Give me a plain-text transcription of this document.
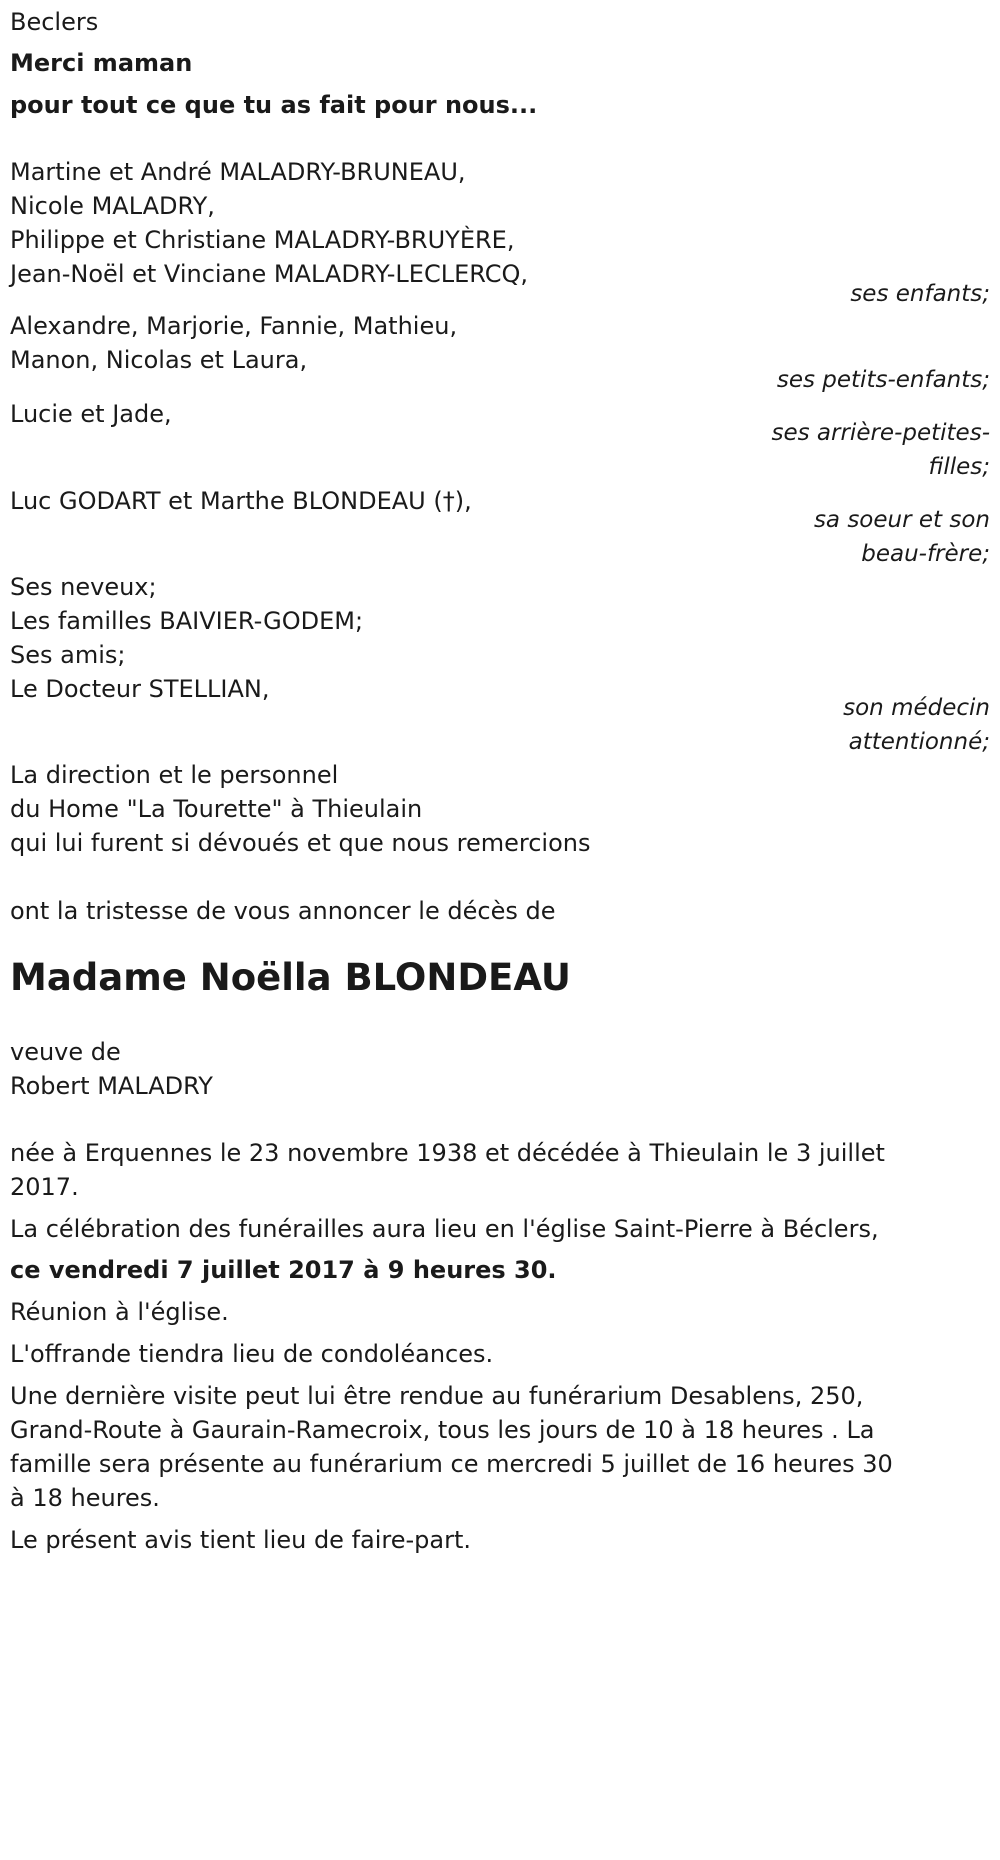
Beclers

Merci maman

pour tout ce que tu as fait pour nous...

Martine et André MALADRY-BRUNEAU,

Nicole MALADRY,

Philippe et Christiane MALADRY-BRUYÈRE,

Jean-Noël et Vinciane MALADRY-LECLERCQ,

ses enfants;

Alexandre, Marjorie, Fannie, Mathieu,

Manon, Nicolas et Laura,

ses petits-enfants;

Lucie et Jade,

ses arrière-petites-

filles;

Luc GODART et Marthe BLONDEAU (†),

sa soeur et son

beau-frère;

Ses neveux;

Les familles BAIVIER-GODEM;

Ses amis;

Le Docteur STELLIAN,

son médecin

attentionné;

La direction et le personnel

du Home "La Tourette" à Thieulain

qui lui furent si dévoués et que nous remercions

ont la tristesse de vous annoncer le décès de

Madame Noëlla BLONDEAU

veuve de

Robert MALADRY

née à Erquennes le 23 novembre 1938 et décédée à Thieulain le 3 juillet

2017.

La célébration des funérailles aura lieu en l'église Saint-Pierre à Béclers,

ce vendredi 7 juillet 2017 à 9 heures 30.

Réunion à l'église.

L'offrande tiendra lieu de condoléances.

Une dernière visite peut lui être rendue au funérarium Desablens, 250,

Grand-Route à Gaurain-Ramecroix, tous les jours de 10 à 18 heures . La

famille sera présente au funérarium ce mercredi 5 juillet de 16 heures 30

à 18 heures.

Le présent avis tient lieu de faire-part.
